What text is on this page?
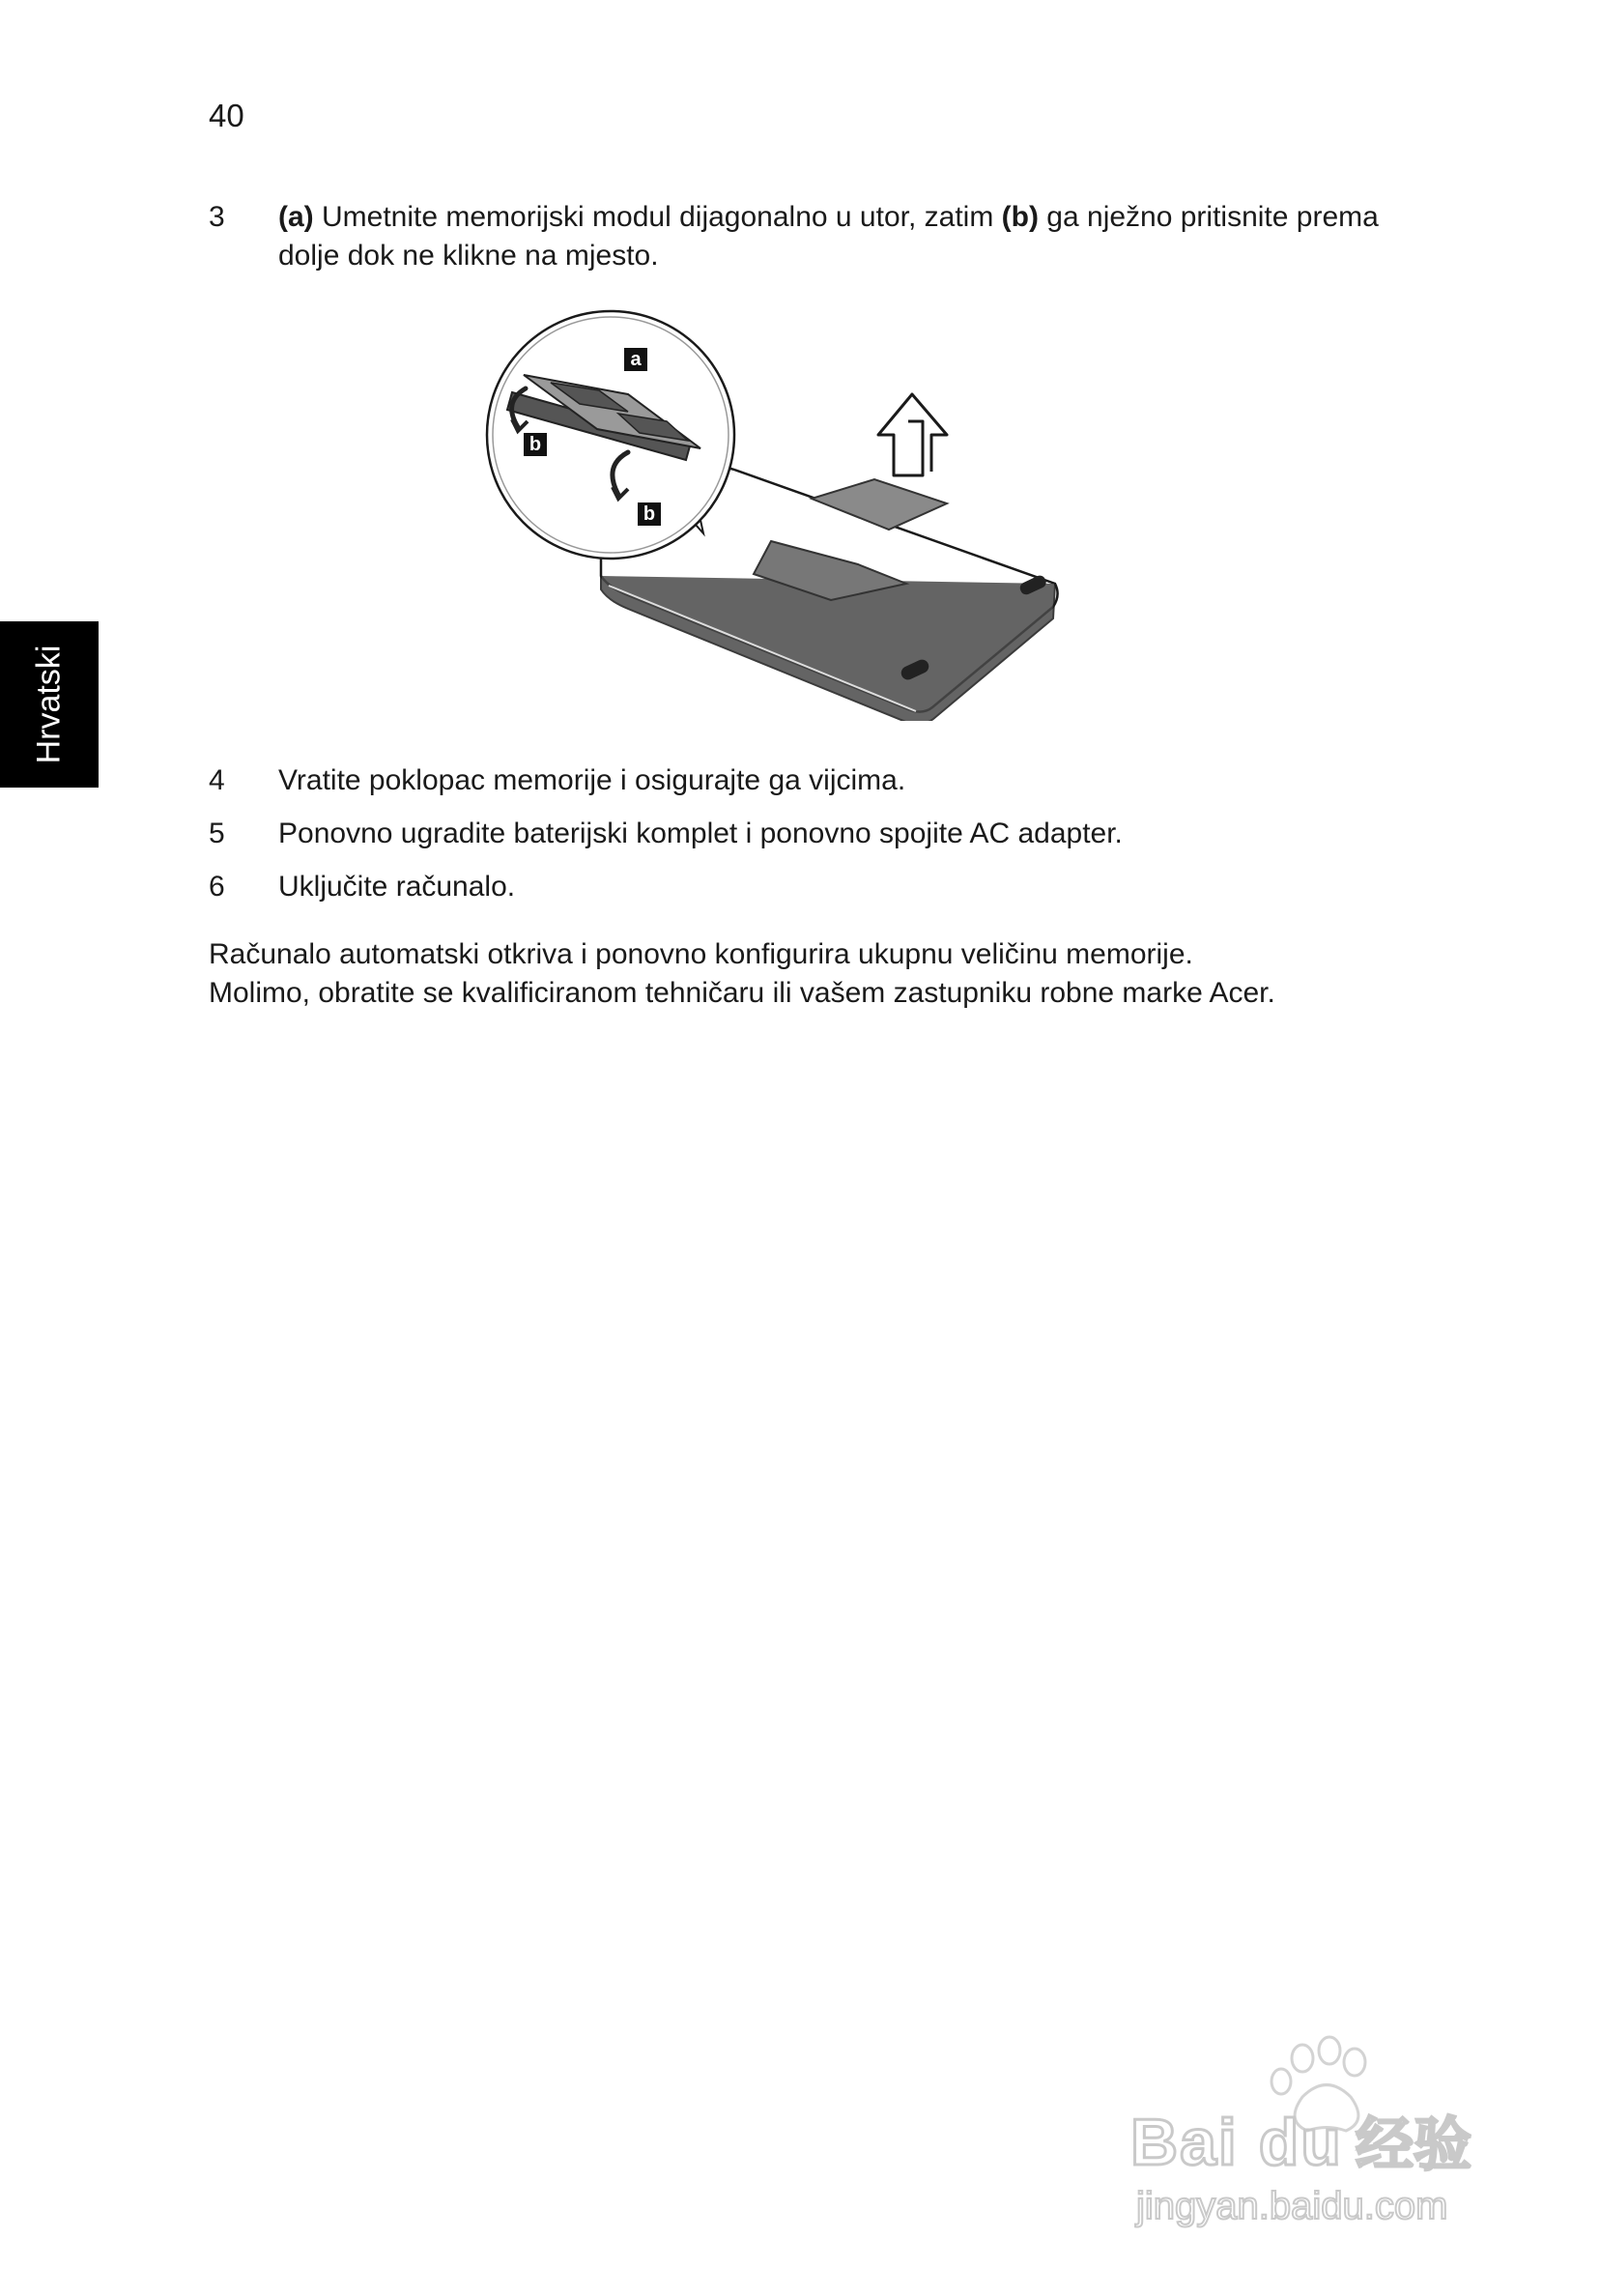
40
Hrvatski
3 (a) Umetnite memorijski modul dijagonalno u utor, zatim (b) ga nježno pritisnite prema dolje dok ne klikne na mjesto.
a
b
b
4 Vratite poklopac memorije i osigurajte ga vijcima.
5 Ponovno ugradite baterijski komplet i ponovno spojite AC adapter.
6 Uključite računalo.
Računalo automatski otkriva i ponovno konfigurira ukupnu veličinu memorije.
Molimo, obratite se kvalificiranom tehničaru ili vašem zastupniku robne marke Acer.
Bai du 经验
jingyan.baidu.com
